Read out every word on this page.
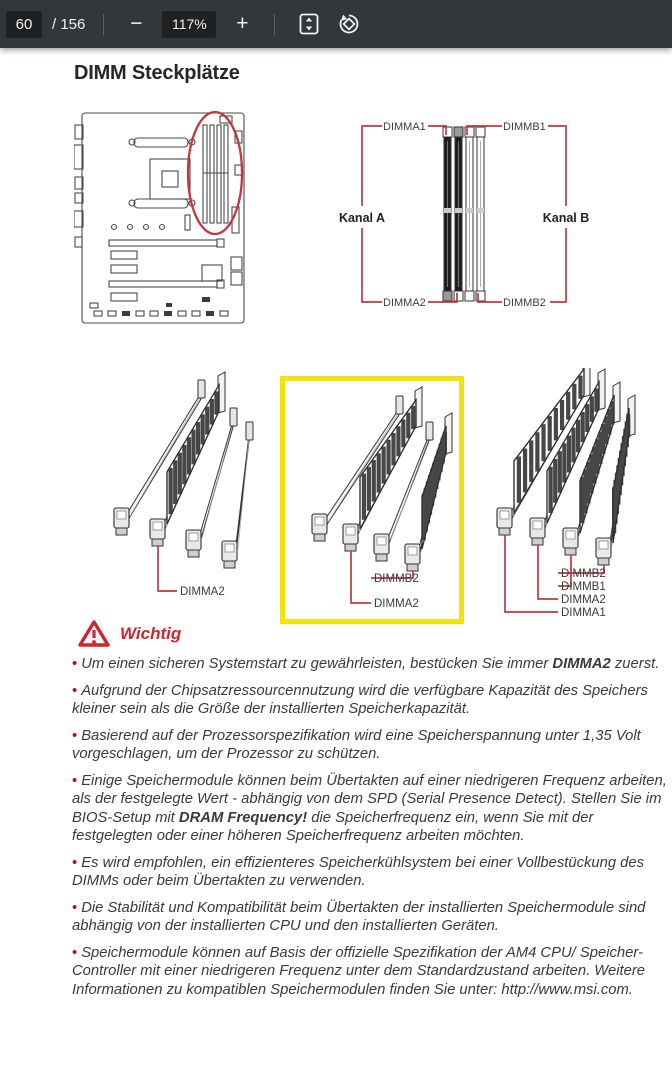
60
/ 156	−	117%	+
DIMM Steckplätze
DIMMA1	DIMMB1
DIMMA2	DIMMB2
Kanal A	Kanal B
DIMMA2
DIMMB2
DIMMA2
DIMMB2
DIMMB1
DIMMA2
DIMMA1
Wichtig

• Um einen sicheren Systemstart zu gewährleisten, bestücken Sie immer DIMMA2 zuerst.

• Aufgrund der Chipsatzressourcennutzung wird die verfügbare Kapazität des Speichers kleiner sein als die Größe der installierten Speicherkapazität.

• Basierend auf der Prozessorspezifikation wird eine Speicherspannung unter 1,35 Volt vorgeschlagen, um der Prozessor zu schützen.

• Einige Speichermodule können beim Übertakten auf einer niedrigeren Frequenz arbeiten, als der festgelegte Wert - abhängig von dem SPD (Serial Presence Detect). Stellen Sie im BIOS-Setup mit DRAM Frequency! die Speicherfrequenz ein, wenn Sie mit der festgelegten oder einer höheren Speicherfrequenz arbeiten möchten.

• Es wird empfohlen, ein effizienteres Speicherkühlsystem bei einer Vollbestückung des DIMMs oder beim Übertakten zu verwenden.

• Die Stabilität und Kompatibilität beim Übertakten der installierten Speichermodule sind abhängig von der installierten CPU und den installierten Geräten.

• Speichermodule können auf Basis der offizielle Spezifikation der AM4 CPU/ Speicher-Controller mit einer niedrigeren Frequenz unter dem Standardzustand arbeiten. Weitere Informationen zu kompatiblen Speichermodulen finden Sie unter: http://www.msi.com.
